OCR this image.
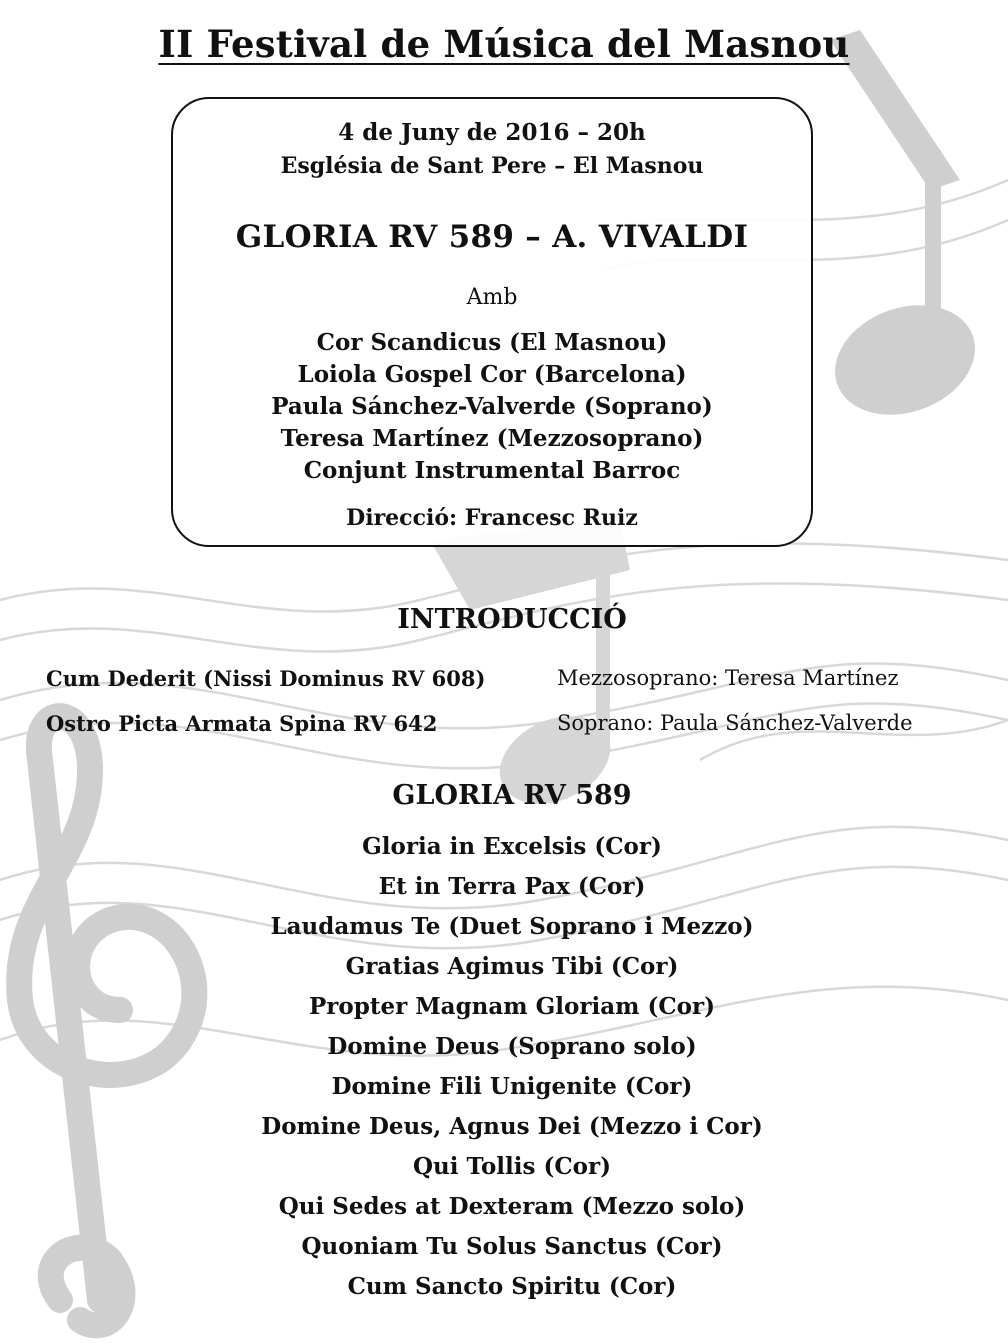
II Festival de Música del Masnou
4 de Juny de 2016 – 20h
Església de Sant Pere – El Masnou
GLORIA RV 589 – A. VIVALDI
Amb
Cor Scandicus (El Masnou)
Loiola Gospel Cor (Barcelona)
Paula Sánchez-Valverde (Soprano)
Teresa Martínez (Mezzosoprano)
Conjunt Instrumental Barroc
Direcció: Francesc Ruiz
INTRODUCCIÓ
Cum Dederit (Nissi Dominus RV 608)	Mezzosoprano: Teresa Martínez
Ostro Picta Armata Spina RV 642	Soprano: Paula Sánchez-Valverde
GLORIA RV 589
Gloria in Excelsis (Cor)
Et in Terra Pax (Cor)
Laudamus Te (Duet Soprano i Mezzo)
Gratias Agimus Tibi (Cor)
Propter Magnam Gloriam (Cor)
Domine Deus (Soprano solo)
Domine Fili Unigenite (Cor)
Domine Deus, Agnus Dei (Mezzo i Cor)
Qui Tollis (Cor)
Qui Sedes at Dexteram (Mezzo solo)
Quoniam Tu Solus Sanctus (Cor)
Cum Sancto Spiritu (Cor)
